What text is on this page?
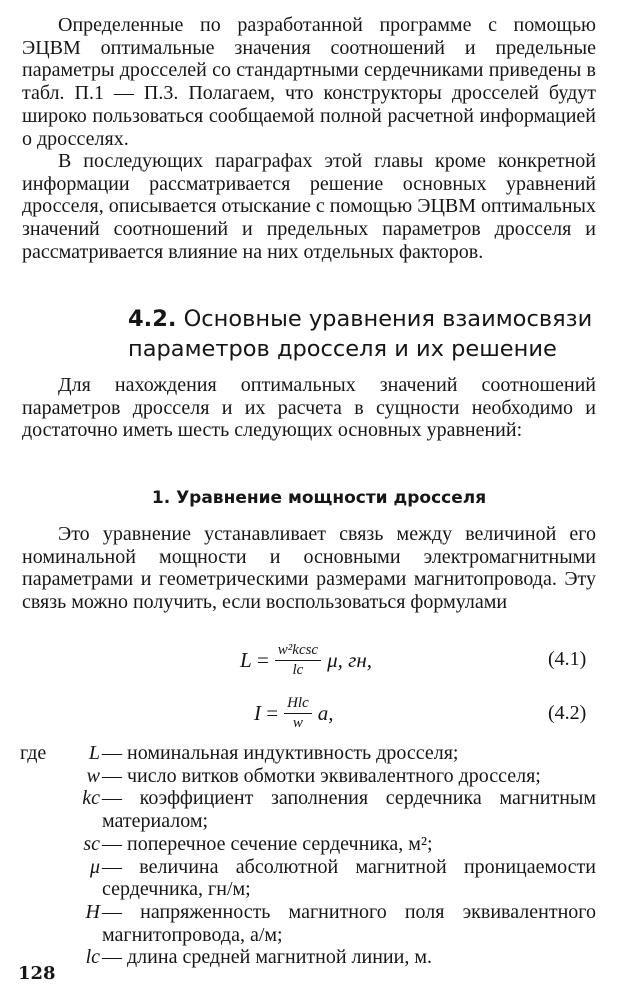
Определенные по разработанной программе с помощью ЭЦВМ оптимальные значения соотношений и предельные параметры дросселей со стандартными сердечниками приведены в табл. П.1 — П.3. Полагаем, что конструкторы дросселей будут широко пользоваться сообщаемой полной расчетной информацией о дросселях.

В последующих параграфах этой главы кроме конкретной информации рассматривается решение основных уравнений дросселя, описывается отыскание с помощью ЭЦВМ оптимальных значений соотношений и предельных параметров дросселя и рассматривается влияние на них отдельных факторов.

4.2. Основные уравнения взаимосвязи
параметров дросселя и их решение

Для нахождения оптимальных значений соотношений параметров дросселя и их расчета в сущности необходимо и достаточно иметь шесть следующих основных уравнений:

1. Уравнение мощности дросселя

Это уравнение устанавливает связь между величиной его номинальной мощности и основными электромагнитными параметрами и геометрическими размерами магнитопровода. Эту связь можно получить, если воспользоваться формулами

$L = \frac{\text{w²kcsc}}{lc} \mu$, гн,	(4.1)
$I = \frac{\text{Hlc}}{w} a$,	(4.2)
где	L — номинальная индуктивность дросселя;
w — число витков обмотки эквивалентного дросселя;
kc — коэффициент заполнения сердечника магнитным материалом;
sc — поперечное сечение сердечника, м²;
μ — величина абсолютной магнитной проницаемости сердечника, гн/м;
H — напряженность магнитного поля эквивалентного магнитопровода, а/м;
lc — длина средней магнитной линии, м.
128
